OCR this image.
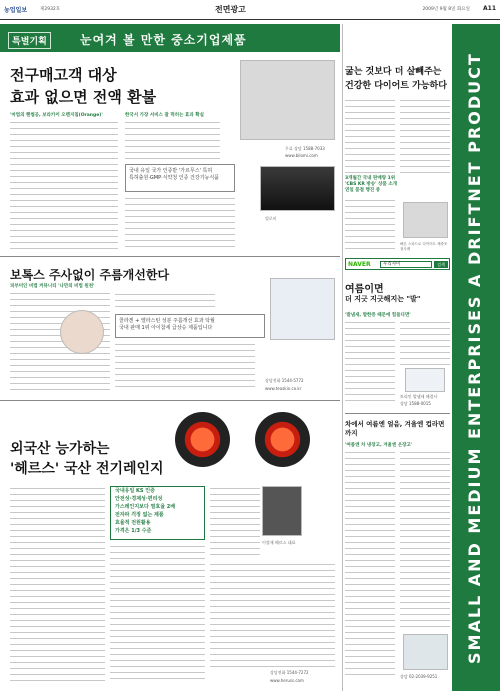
농업일보	제2932호	전면광고	2009년 9월 8일 화요일 A11
특별기획	눈여겨 볼 만한 중소기업제품
SMALL AND MEDIUM ENTERPRISES A DRIFTNET PRODUCT
전구매고객 대상
효과 없으면 전액 환불
'마법의 핸썸공, 보라카이 오렌지칩(Orange)'	한국서 가장 서비스 잘 먹히는 효과 확실
국내 유일 국가 인증받 '가르무스' 특허
특허출원·GMP·식약청 인증 건강기능식품
빌로미
무료 상담 1588-7033
www.bilomi.com
보톡스 주사없이 주름개선한다
피부미인 비법 커뮤니티 '나만의 비법 원천'
콜라겐 + 엘라스틴 성분 주름개선 효과 탁월
국내 판매 1위 아이참세 급상승 제품입니다
상담전화 1544-5772
www.teaskin.co.kr
외국산 능가하는
'헤르스' 국산 전기레인지
국내유일 KS 인증
안전성·경제성·편리성
가스레인지보다 열효율 2배
전자파 걱정 없는 제품
효율적 전원활용
가격은 1/3 수준
이정재 헤르스 대표
상담전화 1544-7272
www.heruss.com
굶는 것보다 더 살빼주는
건강한 다이어트 가능하다
3개월간 국내 판매량 1위
'CBS KR 방송' 상품 소개
연일 품절 행진 중
빠른 스피드로 다이어트 체중조절사례
NAVER	우리사이	검색
여름이면
더 지긋 지긋해지는 "발"
'발냄새, 발한증 때문에 힘들다면'
트리인 발냄새 해결사
상담 1588-0015
차에서 여름엔 얼음, 겨울엔 컵라면까지
'여름엔 차 냉장고, 겨울엔 온장고'
상담 02-2039-9251
